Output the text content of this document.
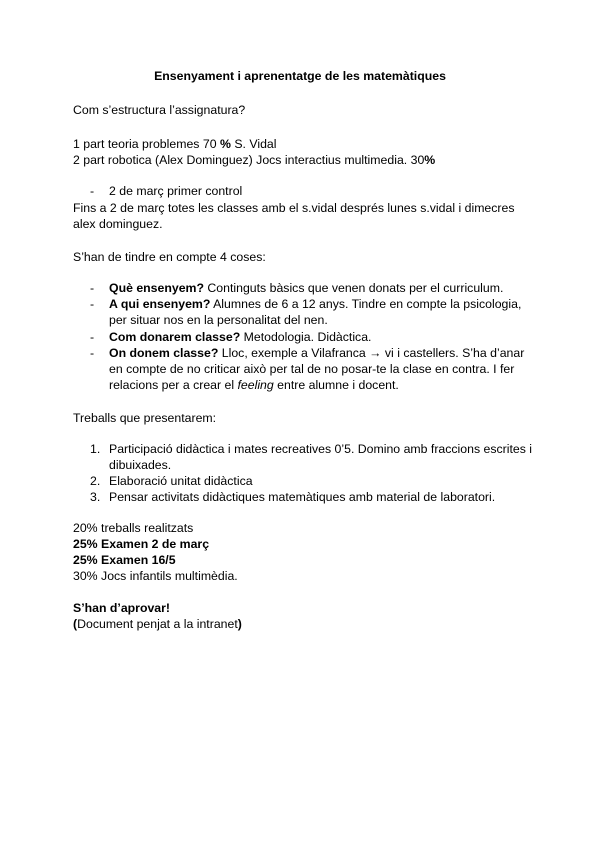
Ensenyament i aprenentatge de les matemàtiques
Com s’estructura l’assignatura?
1 part teoria problemes 70 % S. Vidal
2 part robotica (Alex Dominguez) Jocs interactius multimedia. 30%
-	2 de març primer control
Fins a 2 de març totes les classes amb el s.vidal després lunes s.vidal i dimecres
alex dominguez.
S’han de tindre en compte 4 coses:
-	Què ensenyem? Continguts bàsics que venen donats per el curriculum.
-	A qui ensenyem? Alumnes de 6 a 12 anys. Tindre en compte la psicologia,
per situar nos en la personalitat del nen.
-	Com donarem classe? Metodologia. Didàctica.
-	On donem classe? Lloc, exemple a Vilafranca → vi i castellers. S’ha d’anar
en compte de no criticar això per tal de no posar-te la clase en contra. I fer
relacions per a crear el feeling entre alumne i docent.
Treballs que presentarem:
1. Participació didàctica i mates recreatives 0’5. Domino amb fraccions escrites i
dibuixades.
2. Elaboració unitat didàctica
3. Pensar activitats didàctiques matemàtiques amb material de laboratori.
20% treballs realitzats
25% Examen 2 de març
25% Examen 16/5
30% Jocs infantils multimèdia.
S’han d’aprovar!
(Document penjat a la intranet)
